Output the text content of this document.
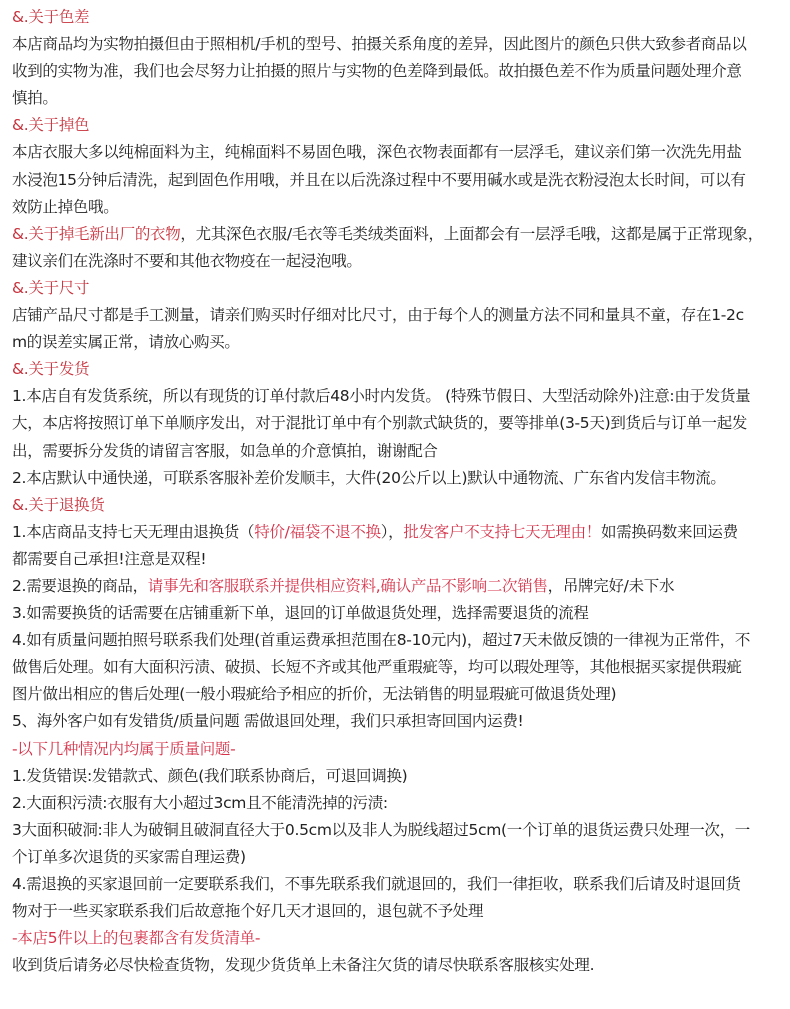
&.关于色差
本店商品均为实物拍摄但由于照相机/手机的型号、拍摄关系角度的差异，因此图片的颜色只供大致参者商品以
收到的实物为准，我们也会尽努力让拍摄的照片与实物的色差降到最低。故拍摄色差不作为质量问题处理介意
慎拍。
&.关于掉色
本店衣服大多以纯棉面料为主，纯棉面料不易固色哦，深色衣物表面都有一层浮毛，建议亲们第一次洗先用盐
水浸泡15分钟后清洗，起到固色作用哦，并且在以后洗涤过程中不要用碱水或是洗衣粉浸泡太长时间，可以有
效防止掉色哦。
&.关于掉毛新出厂的衣物，尤其深色衣服/毛衣等毛类绒类面料，上面都会有一层浮毛哦，这都是属于正常现象，
建议亲们在洗涤时不要和其他衣物疫在一起浸泡哦。
&.关于尺寸
店铺产品尺寸都是手工测量，请亲们购买时仔细对比尺寸，由于每个人的测量方法不同和量具不童，存在1-2c
m的误差实属正常，请放心购买。
&.关于发货
1.本店自有发货系统，所以有现货的订单付款后48小时内发货。 (特殊节假日、大型活动除外)注意:由于发货量
大，本店将按照订单下单顺序发出，对于混批订单中有个别款式缺货的，要等排单(3-5天)到货后与订单一起发
出，需要拆分发货的请留言客服，如急单的介意慎拍，谢谢配合
2.本店默认中通快递，可联系客服补差价发顺丰，大件(20公斤以上)默认中通物流、广东省内发信丰物流。
&.关于退换货
1.本店商品支持七天无理由退换货（特价/福袋不退不换），批发客户不支持七天无理由！如需换码数来回运费
都需要自己承担!注意是双程!
2.需要退换的商品，请事先和客服联系并提供相应资料,确认产品不影响二次销售，吊牌完好/未下水
3.如需要换货的话需要在店铺重新下单，退回的订单做退货处理，选择需要退货的流程
4.如有质量问题拍照号联系我们处理(首重运费承担范围在8-10元内)，超过7天未做反馈的一律视为正常件，不
做售后处理。如有大面积污渍、破损、长短不齐或其他严重瑕疵等，均可以瑕处理等，其他根据买家提供瑕疵
图片做出相应的售后处理(一般小瑕疵给予相应的折价，无法销售的明显瑕疵可做退货处理)
5、海外客户如有发错货/质量问题 需做退回处理，我们只承担寄回国内运费!
-以下几种情况内均属于质量问题-
1.发货错误:发错款式、颜色(我们联系协商后，可退回调换)
2.大面积污渍:衣服有大小超过3cm且不能清洗掉的污渍:
3大面积破洞:非人为破铜且破洞直径大于0.5cm以及非人为脱线超过5cm(一个订单的退货运费只处理一次，一
个订单多次退货的买家需自理运费)
4.需退换的买家退回前一定要联系我们，不事先联系我们就退回的，我们一律拒收，联系我们后请及时退回货
物对于一些买家联系我们后故意拖个好几天才退回的，退包就不予处理
-本店5件以上的包裹都含有发货清单-
收到货后请务必尽快检查货物，发现少货货单上未备注欠货的请尽快联系客服核实处理.
